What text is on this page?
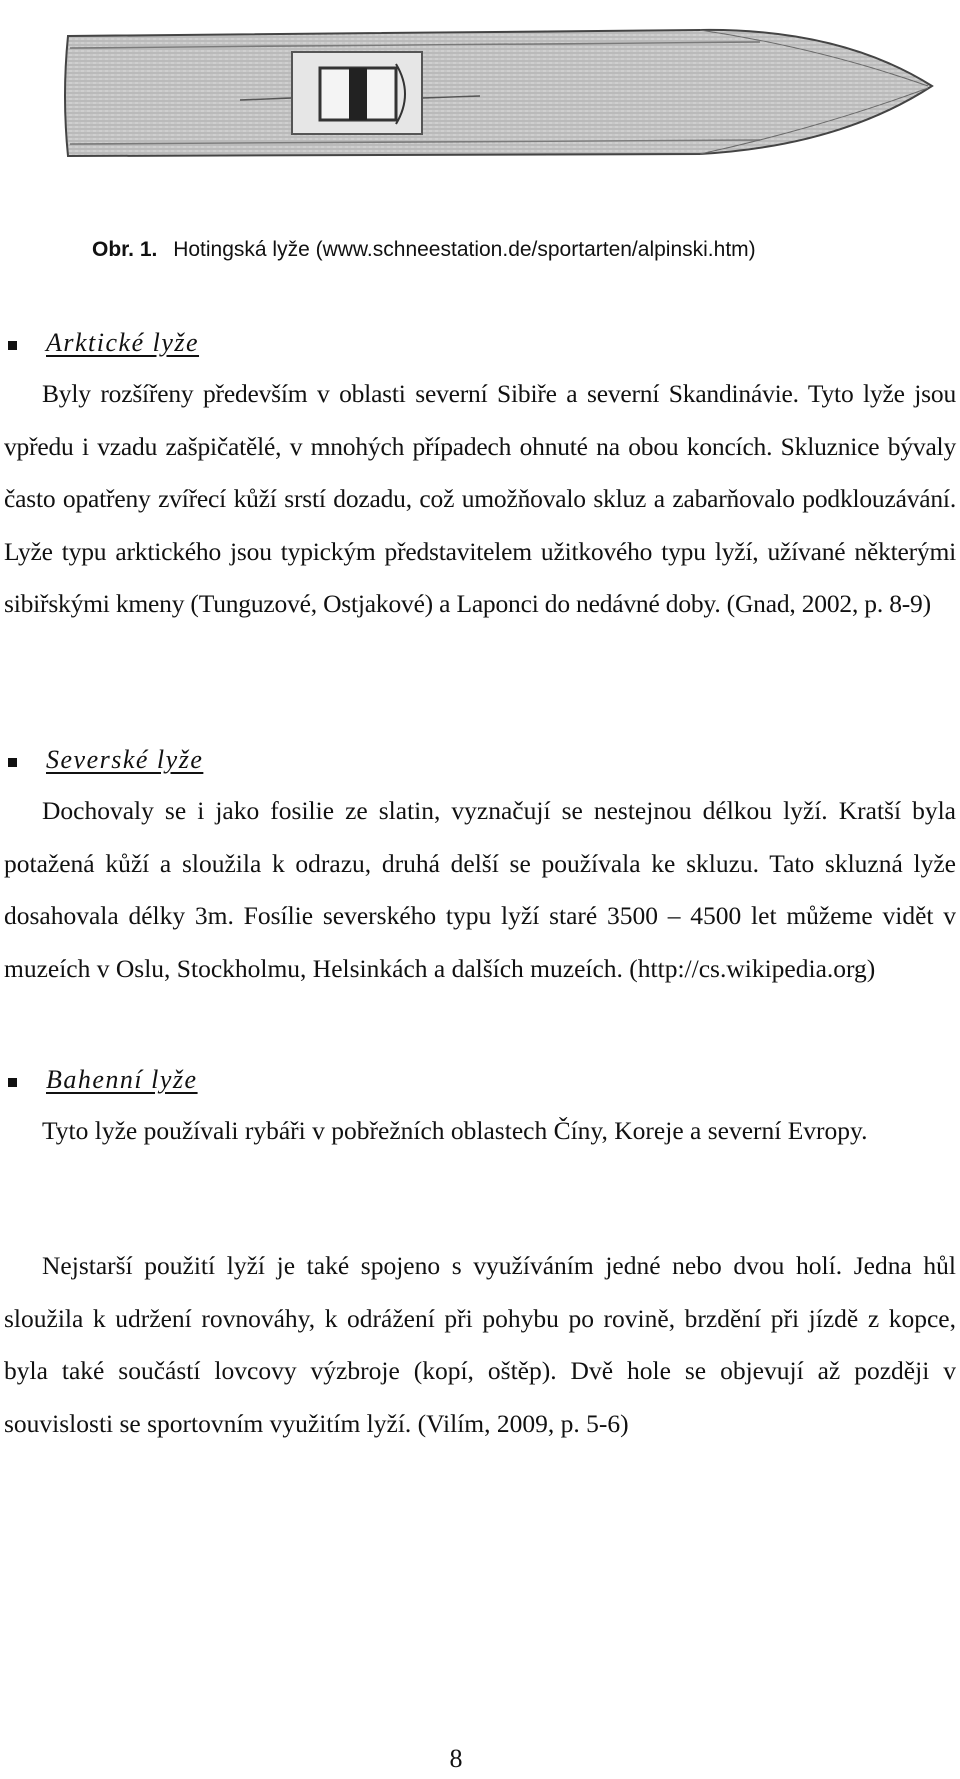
Obr. 1. Hotingská lyže (www.schneestation.de/sportarten/alpinski.htm)
Arktické lyže

Byly rozšířeny především v oblasti severní Sibiře a severní Skandinávie. Tyto lyže jsou vpředu i vzadu zašpičatělé, v mnohých případech ohnuté na obou koncích. Skluznice bývaly často opatřeny zvířecí kůží srstí dozadu, což umožňovalo skluz a zabarňovalo podklouzávání. Lyže typu arktického jsou typickým představitelem užitkového typu lyží, užívané některými sibiřskými kmeny (Tunguzové, Ostjakové) a Laponci do nedávné doby. (Gnad, 2002, p. 8-9)

Severské lyže

Dochovaly se i jako fosilie ze slatin, vyznačují se nestejnou délkou lyží. Kratší byla potažená kůží a sloužila k odrazu, druhá delší se používala ke skluzu. Tato skluzná lyže dosahovala délky 3m. Fosílie severského typu lyží staré 3500 – 4500 let můžeme vidět v muzeích v Oslu, Stockholmu, Helsinkách a dalších muzeích. (http://cs.wikipedia.org)

Bahenní lyže

Tyto lyže používali rybáři v pobřežních oblastech Číny, Koreje a severní Evropy.

Nejstarší použití lyží je také spojeno s využíváním jedné nebo dvou holí. Jedna hůl sloužila k udržení rovnováhy, k odrážení při pohybu po rovině, brzdění při jízdě z kopce, byla také součástí lovcovy výzbroje (kopí, oštěp). Dvě hole se objevují až později v souvislosti se sportovním využitím lyží. (Vilím, 2009, p. 5-6)

8
